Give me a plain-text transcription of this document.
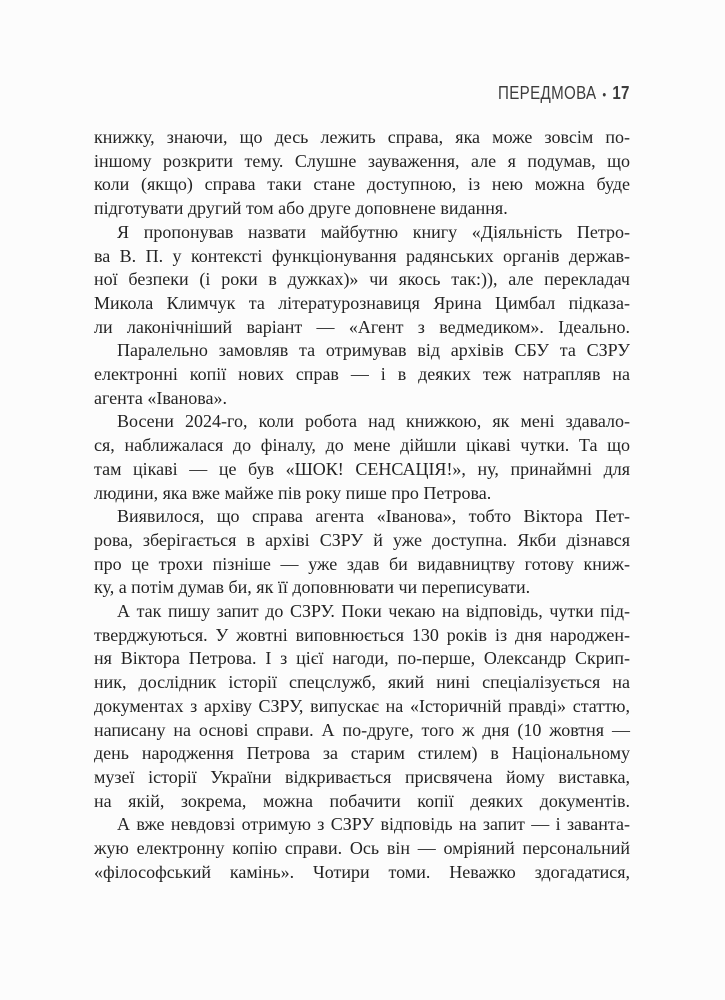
ПЕРЕДМОВА • 17
книжку, знаючи, що десь лежить справа, яка може зовсім по-
іншому розкрити тему. Слушне зауваження, але я подумав, що
коли (якщо) справа таки стане доступною, із нею можна буде
підготувати другий том або друге доповнене видання.
Я пропонував назвати майбутню книгу «Діяльність Петро-
ва В. П. у контексті функціонування радянських органів держав-
ної безпеки (і роки в дужках)» чи якось так:)), але перекладач
Микола Климчук та літературознавиця Ярина Цимбал підказа-
ли лаконічніший варіант — «Агент з ведмедиком». Ідеально.
Паралельно замовляв та отримував від архівів СБУ та СЗРУ
електронні копії нових справ — і в деяких теж натрапляв на
агента «Іванова».
Восени 2024-го, коли робота над книжкою, як мені здавало-
ся, наближалася до фіналу, до мене дійшли цікаві чутки. Та що
там цікаві — це був «ШОК! СЕНСАЦІЯ!», ну, принаймні для
людини, яка вже майже пів року пише про Петрова.
Виявилося, що справа агента «Іванова», тобто Віктора Пет-
рова, зберігається в архіві СЗРУ й уже доступна. Якби дізнався
про це трохи пізніше — уже здав би видавництву готову книж-
ку, а потім думав би, як її доповнювати чи переписувати.
А так пишу запит до СЗРУ. Поки чекаю на відповідь, чутки під-
тверджуються. У жовтні виповнюється 130 років із дня народжен-
ня Віктора Петрова. І з цієї нагоди, по-перше, Олександр Скрип-
ник, дослідник історії спецслужб, який нині спеціалізується на
документах з архіву СЗРУ, випускає на «Історичній правді» статтю,
написану на основі справи. А по-друге, того ж дня (10 жовтня —
день народження Петрова за старим стилем) в Національному
музеї історії України відкривається присвячена йому виставка,
на якій, зокрема, можна побачити копії деяких документів.
А вже невдовзі отримую з СЗРУ відповідь на запит — і заванта-
жую електронну копію справи. Ось він — омріяний персональний
«філософський камінь». Чотири томи. Неважко здогадатися,
